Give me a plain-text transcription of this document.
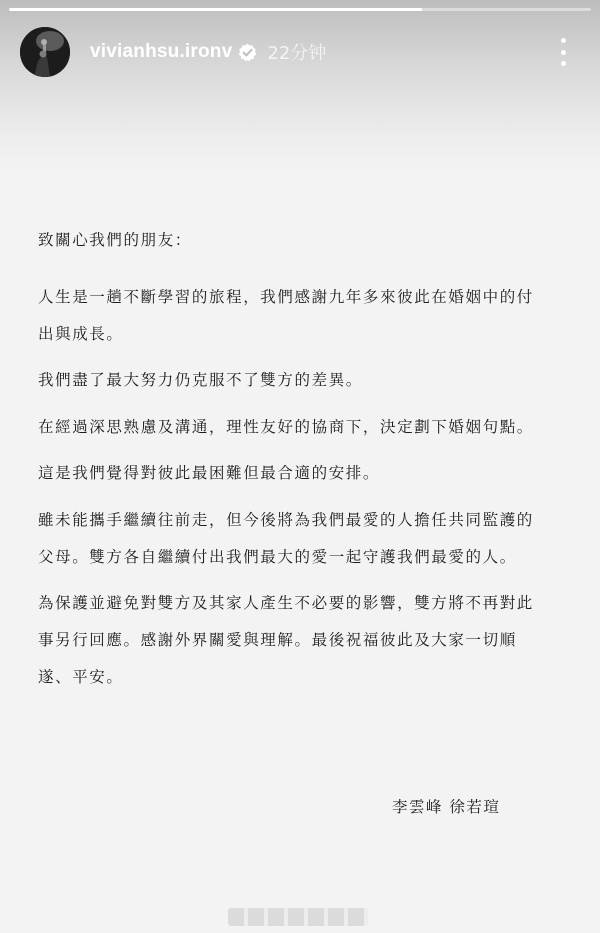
vivianhsu.ironv 22分钟
致關心我們的朋友：
人生是一趟不斷學習的旅程，我們感謝九年多來彼此在婚姻中的付
出與成長。
我們盡了最大努力仍克服不了雙方的差異。
在經過深思熟慮及溝通，理性友好的協商下，決定劃下婚姻句點。
這是我們覺得對彼此最困難但最合適的安排。
雖未能攜手繼續往前走，但今後將為我們最愛的人擔任共同監護的
父母。雙方各自繼續付出我們最大的愛一起守護我們最愛的人。
為保護並避免對雙方及其家人產生不必要的影響，雙方將不再對此
事另行回應。感謝外界關愛與理解。最後祝福彼此及大家一切順
遂、平安。
李雲峰 徐若瑄
